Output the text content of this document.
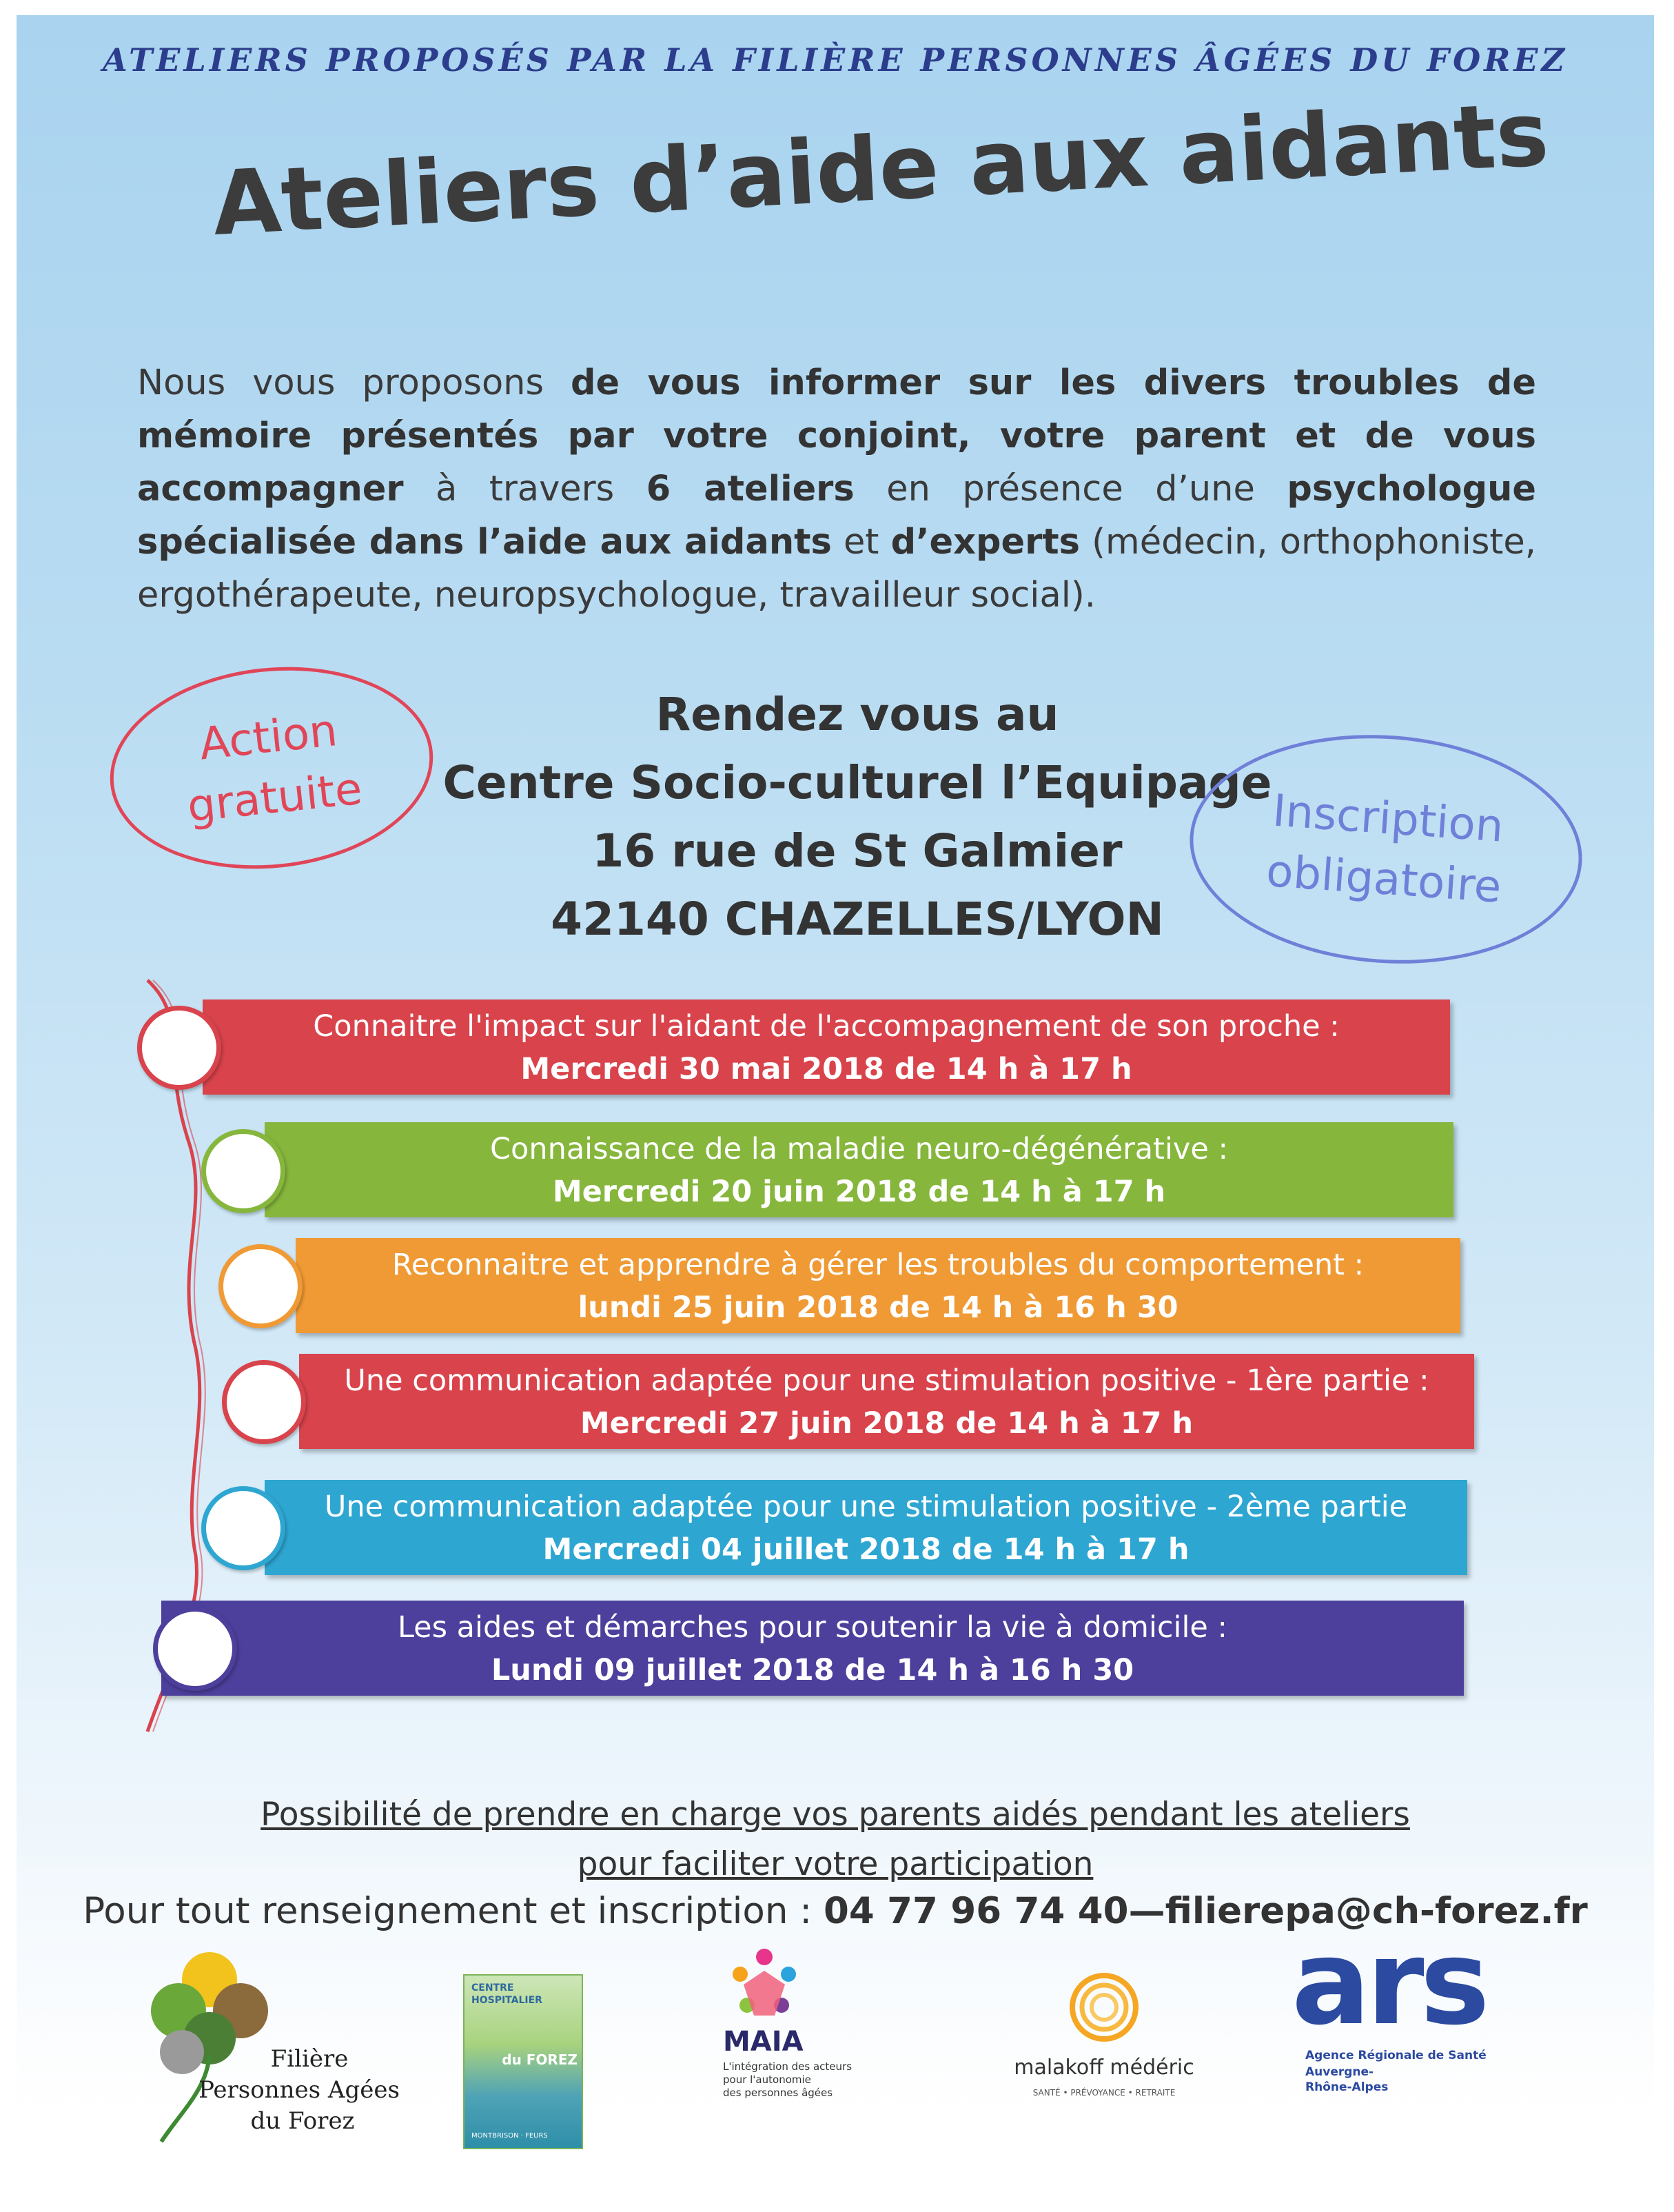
ATELIERS PROPOSÉS PAR LA FILIÈRE PERSONNES ÂGÉES DU FOREZ
Ateliers d’aide aux aidants
Nous vous proposons de vous informer sur les divers troubles de mémoire présentés par votre conjoint, votre parent et de vous accompagner à travers 6 ateliers en présence d’une psychologue spécialisée dans l’aide aux aidants et d’experts (médecin, orthophoniste, ergothérapeute, neuropsychologue, travailleur social).
Action
gratuite
Rendez vous au
Centre Socio-culturel l’Equipage
16 rue de St Galmier
42140 CHAZELLES/LYON
Inscription
obligatoire
Connaitre l'impact sur l'aidant de l'accompagnement de son proche :
Mercredi 30 mai 2018 de 14 h à 17 h
Connaissance de la maladie neuro-dégénérative :
Mercredi 20 juin 2018 de 14 h à 17 h
Reconnaitre et apprendre à gérer les troubles du comportement :
lundi 25 juin 2018 de 14 h à 16 h 30
Une communication adaptée pour une stimulation positive - 1ère partie :
Mercredi 27 juin 2018 de 14 h à 17 h
Une communication adaptée pour une stimulation positive - 2ème partie
Mercredi 04 juillet 2018 de 14 h à 17 h
Les aides et démarches pour soutenir la vie à domicile :
Lundi 09 juillet 2018 de 14 h à 16 h 30
Possibilité de prendre en charge vos parents aidés pendant les ateliers
pour faciliter votre participation
Pour tout renseignement et inscription : 04 77 96 74 40—filierepa@ch-forez.fr
Filière
Personnes Agées
du Forez
CENTRE
HOSPITALIER
du FOREZ
MONTBRISON · FEURS
MAIA
L'intégration des acteurs
pour l'autonomie
des personnes âgées
malakoff médéric
SANTÉ • PRÉVOYANCE • RETRAITE
ars
Agence Régionale de Santé
Auvergne-
Rhône-Alpes
